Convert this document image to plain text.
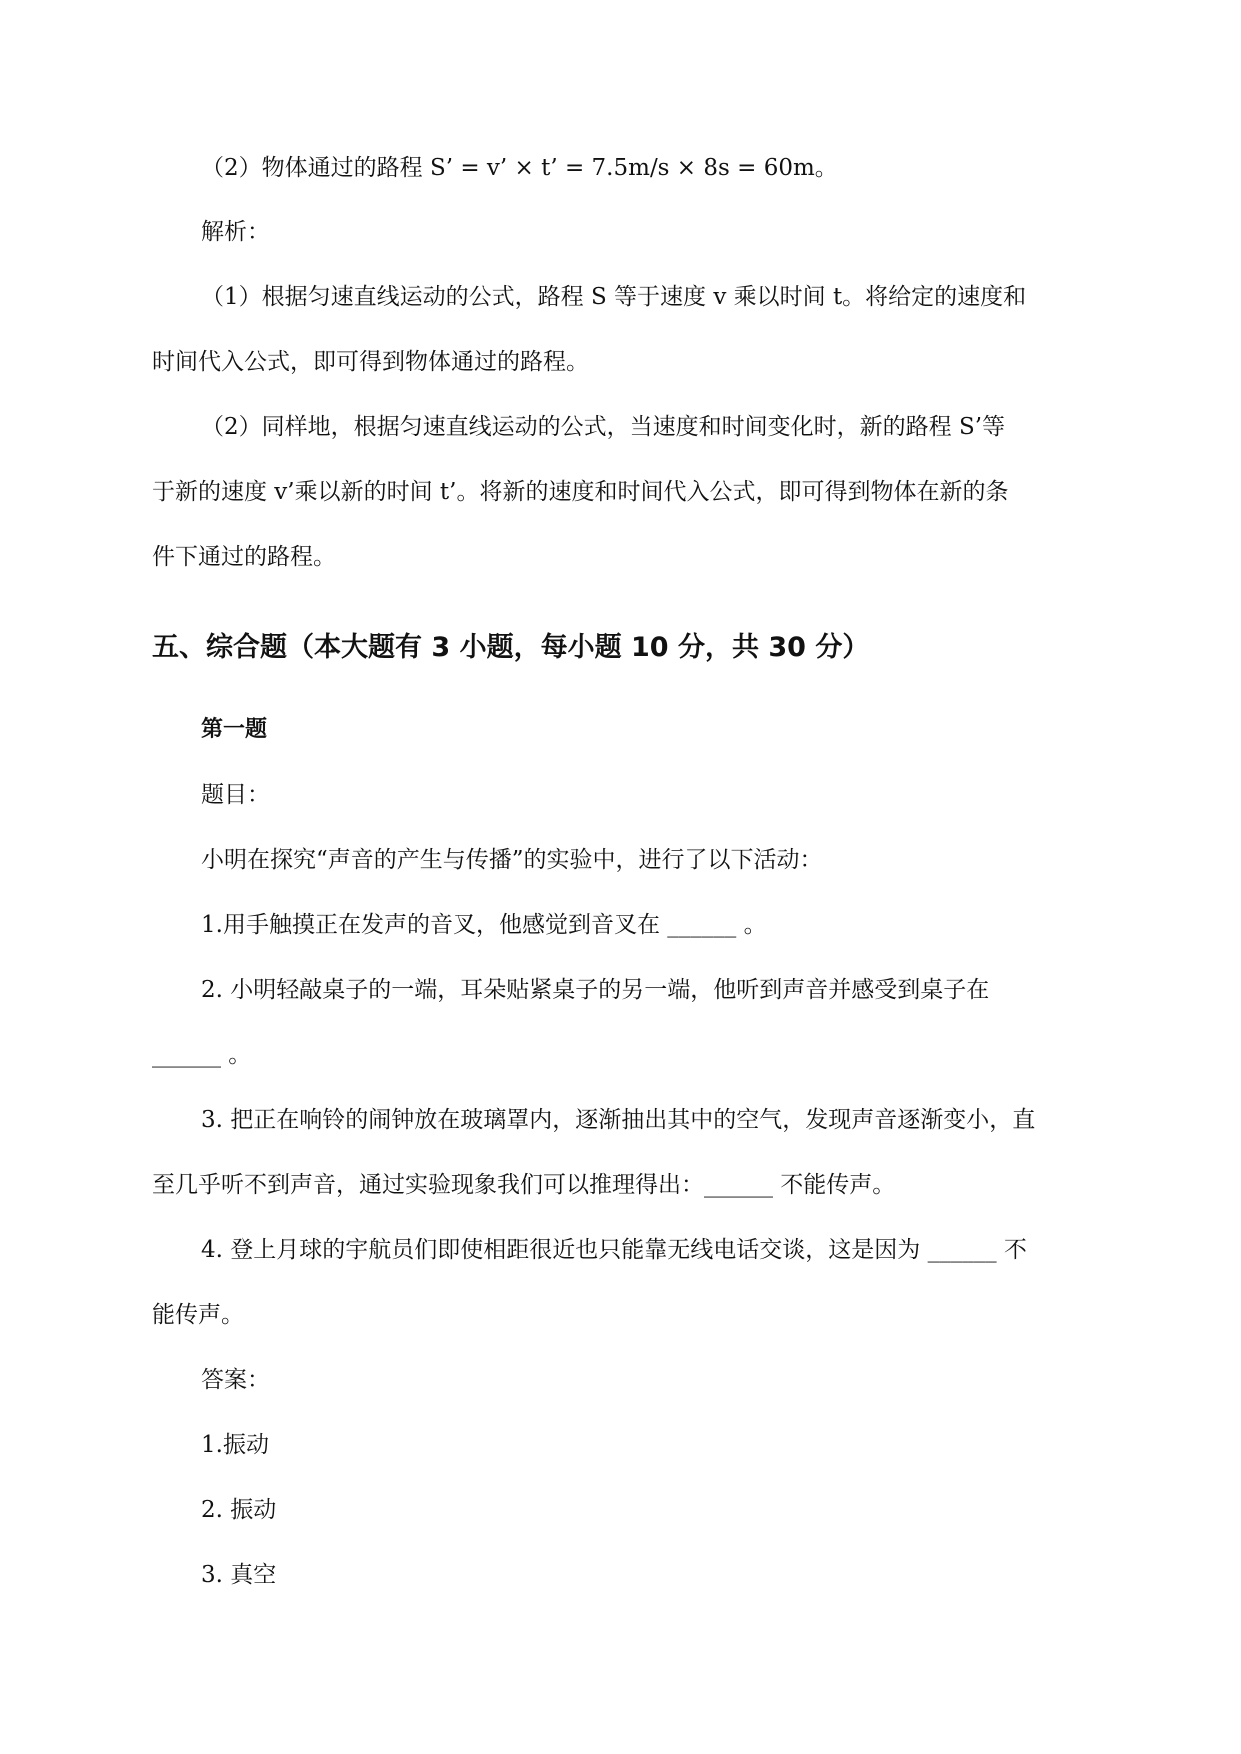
（2）物体通过的路程 S’ = v’ × t’ = 7.5m/s × 8s = 60m。
解析：
（1）根据匀速直线运动的公式，路程 S 等于速度 v 乘以时间 t。将给定的速度和
时间代入公式，即可得到物体通过的路程。
（2）同样地，根据匀速直线运动的公式，当速度和时间变化时，新的路程 S’等
于新的速度 v’乘以新的时间 t’。将新的速度和时间代入公式，即可得到物体在新的条
件下通过的路程。
五、综合题（本大题有 3 小题，每小题 10 分，共 30 分）
第一题
题目：
小明在探究“声音的产生与传播”的实验中，进行了以下活动：
1.用手触摸正在发声的音叉，他感觉到音叉在 ______ 。
2. 小明轻敲桌子的一端，耳朵贴紧桌子的另一端，他听到声音并感受到桌子在
______ 。
3. 把正在响铃的闹钟放在玻璃罩内，逐渐抽出其中的空气，发现声音逐渐变小，直
至几乎听不到声音，通过实验现象我们可以推理得出：______ 不能传声。
4. 登上月球的宇航员们即使相距很近也只能靠无线电话交谈，这是因为 ______ 不
能传声。
答案：
1.振动
2. 振动
3. 真空
